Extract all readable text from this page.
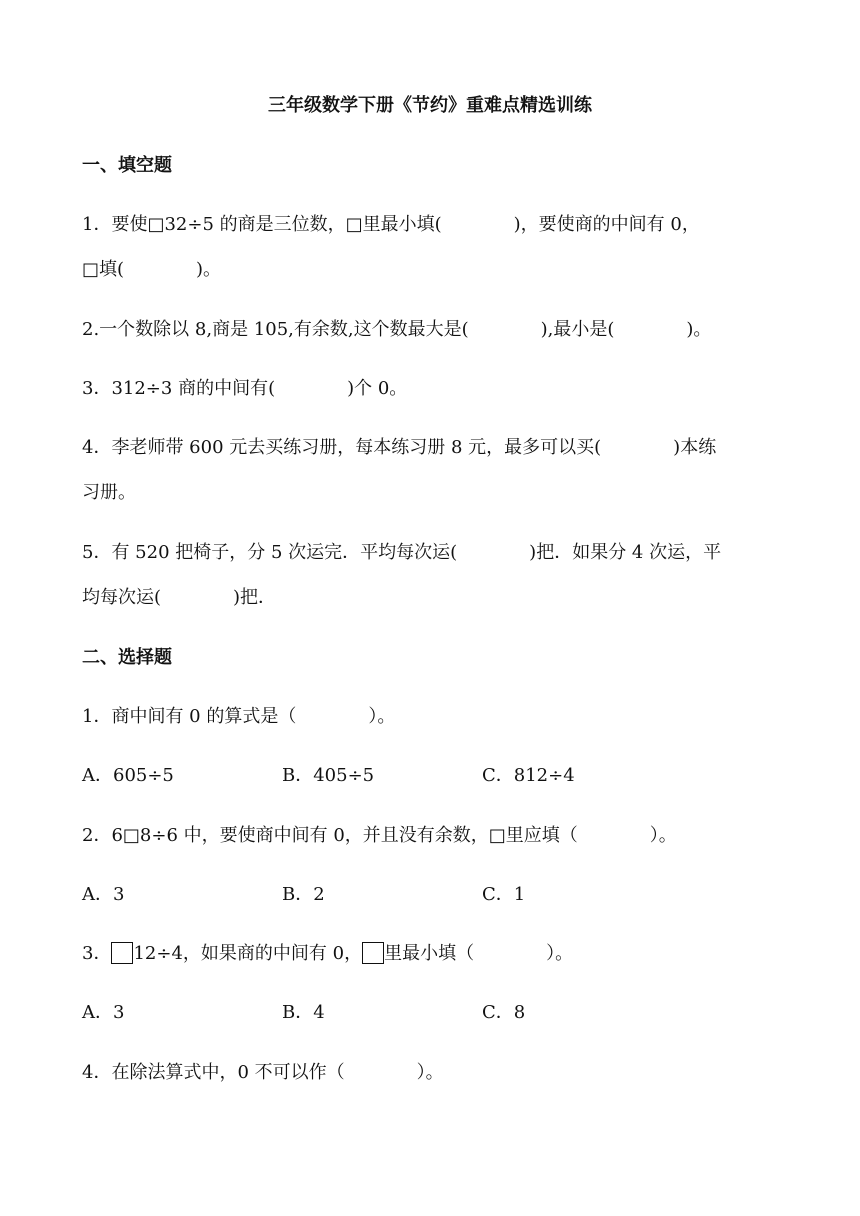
三年级数学下册《节约》重难点精选训练
一、填空题
1．要使□32÷5 的商是三位数，□里最小填(　　　　)，要使商的中间有 0，
□填(　　　　)。
2.一个数除以 8,商是 105,有余数,这个数最大是(　　　　),最小是(　　　　)。
3．312÷3 商的中间有(　　　　)个 0。
4．李老师带 600 元去买练习册，每本练习册 8 元，最多可以买(　　　　)本练
习册。
5．有 520 把椅子，分 5 次运完．平均每次运(　　　　)把．如果分 4 次运，平
均每次运(　　　　)把．
二、选择题
1．商中间有 0 的算式是（　　　　）。
A．605÷5	B．405÷5	C．812÷4
2．6□8÷6 中，要使商中间有 0，并且没有余数，□里应填（　　　　）。
A．3	B．2	C．1
3． 12÷4，如果商的中间有 0， 里最小填（　　　　）。
A．3	B．4	C．8
4．在除法算式中，0 不可以作（　　　　）。
